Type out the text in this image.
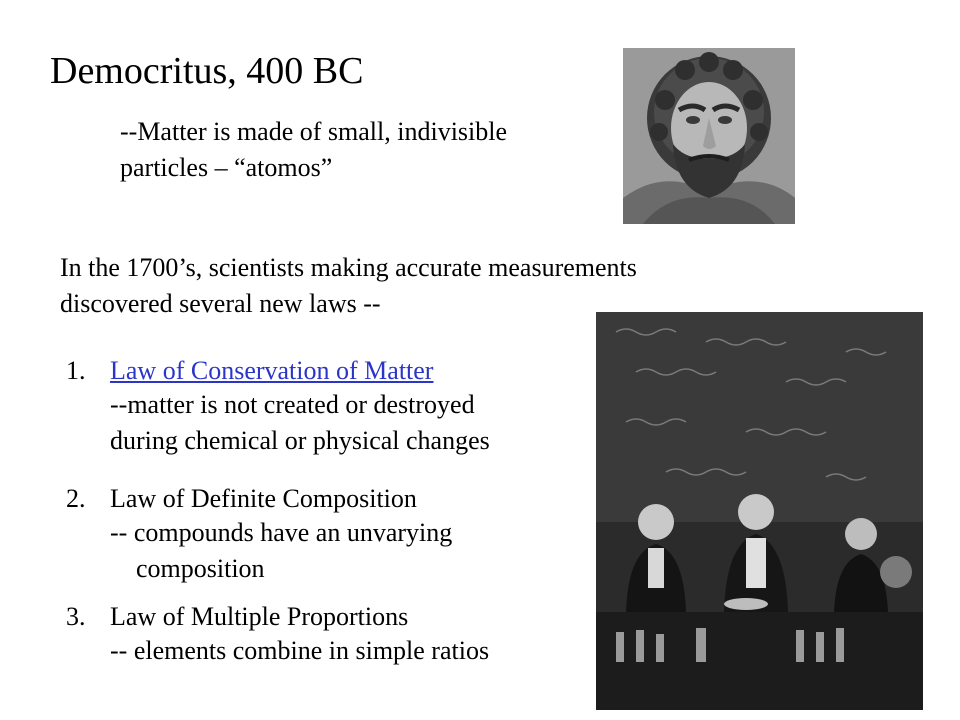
Democritus, 400 BC
--Matter is made of small, indivisible
particles – “atomos”
In the 1700’s, scientists making accurate measurements
discovered several new laws --
1. Law of Conservation of Matter
--matter is not created or destroyed
during chemical or physical changes
2. Law of Definite Composition
-- compounds have an unvarying
composition
3. Law of Multiple Proportions
-- elements combine in simple ratios
